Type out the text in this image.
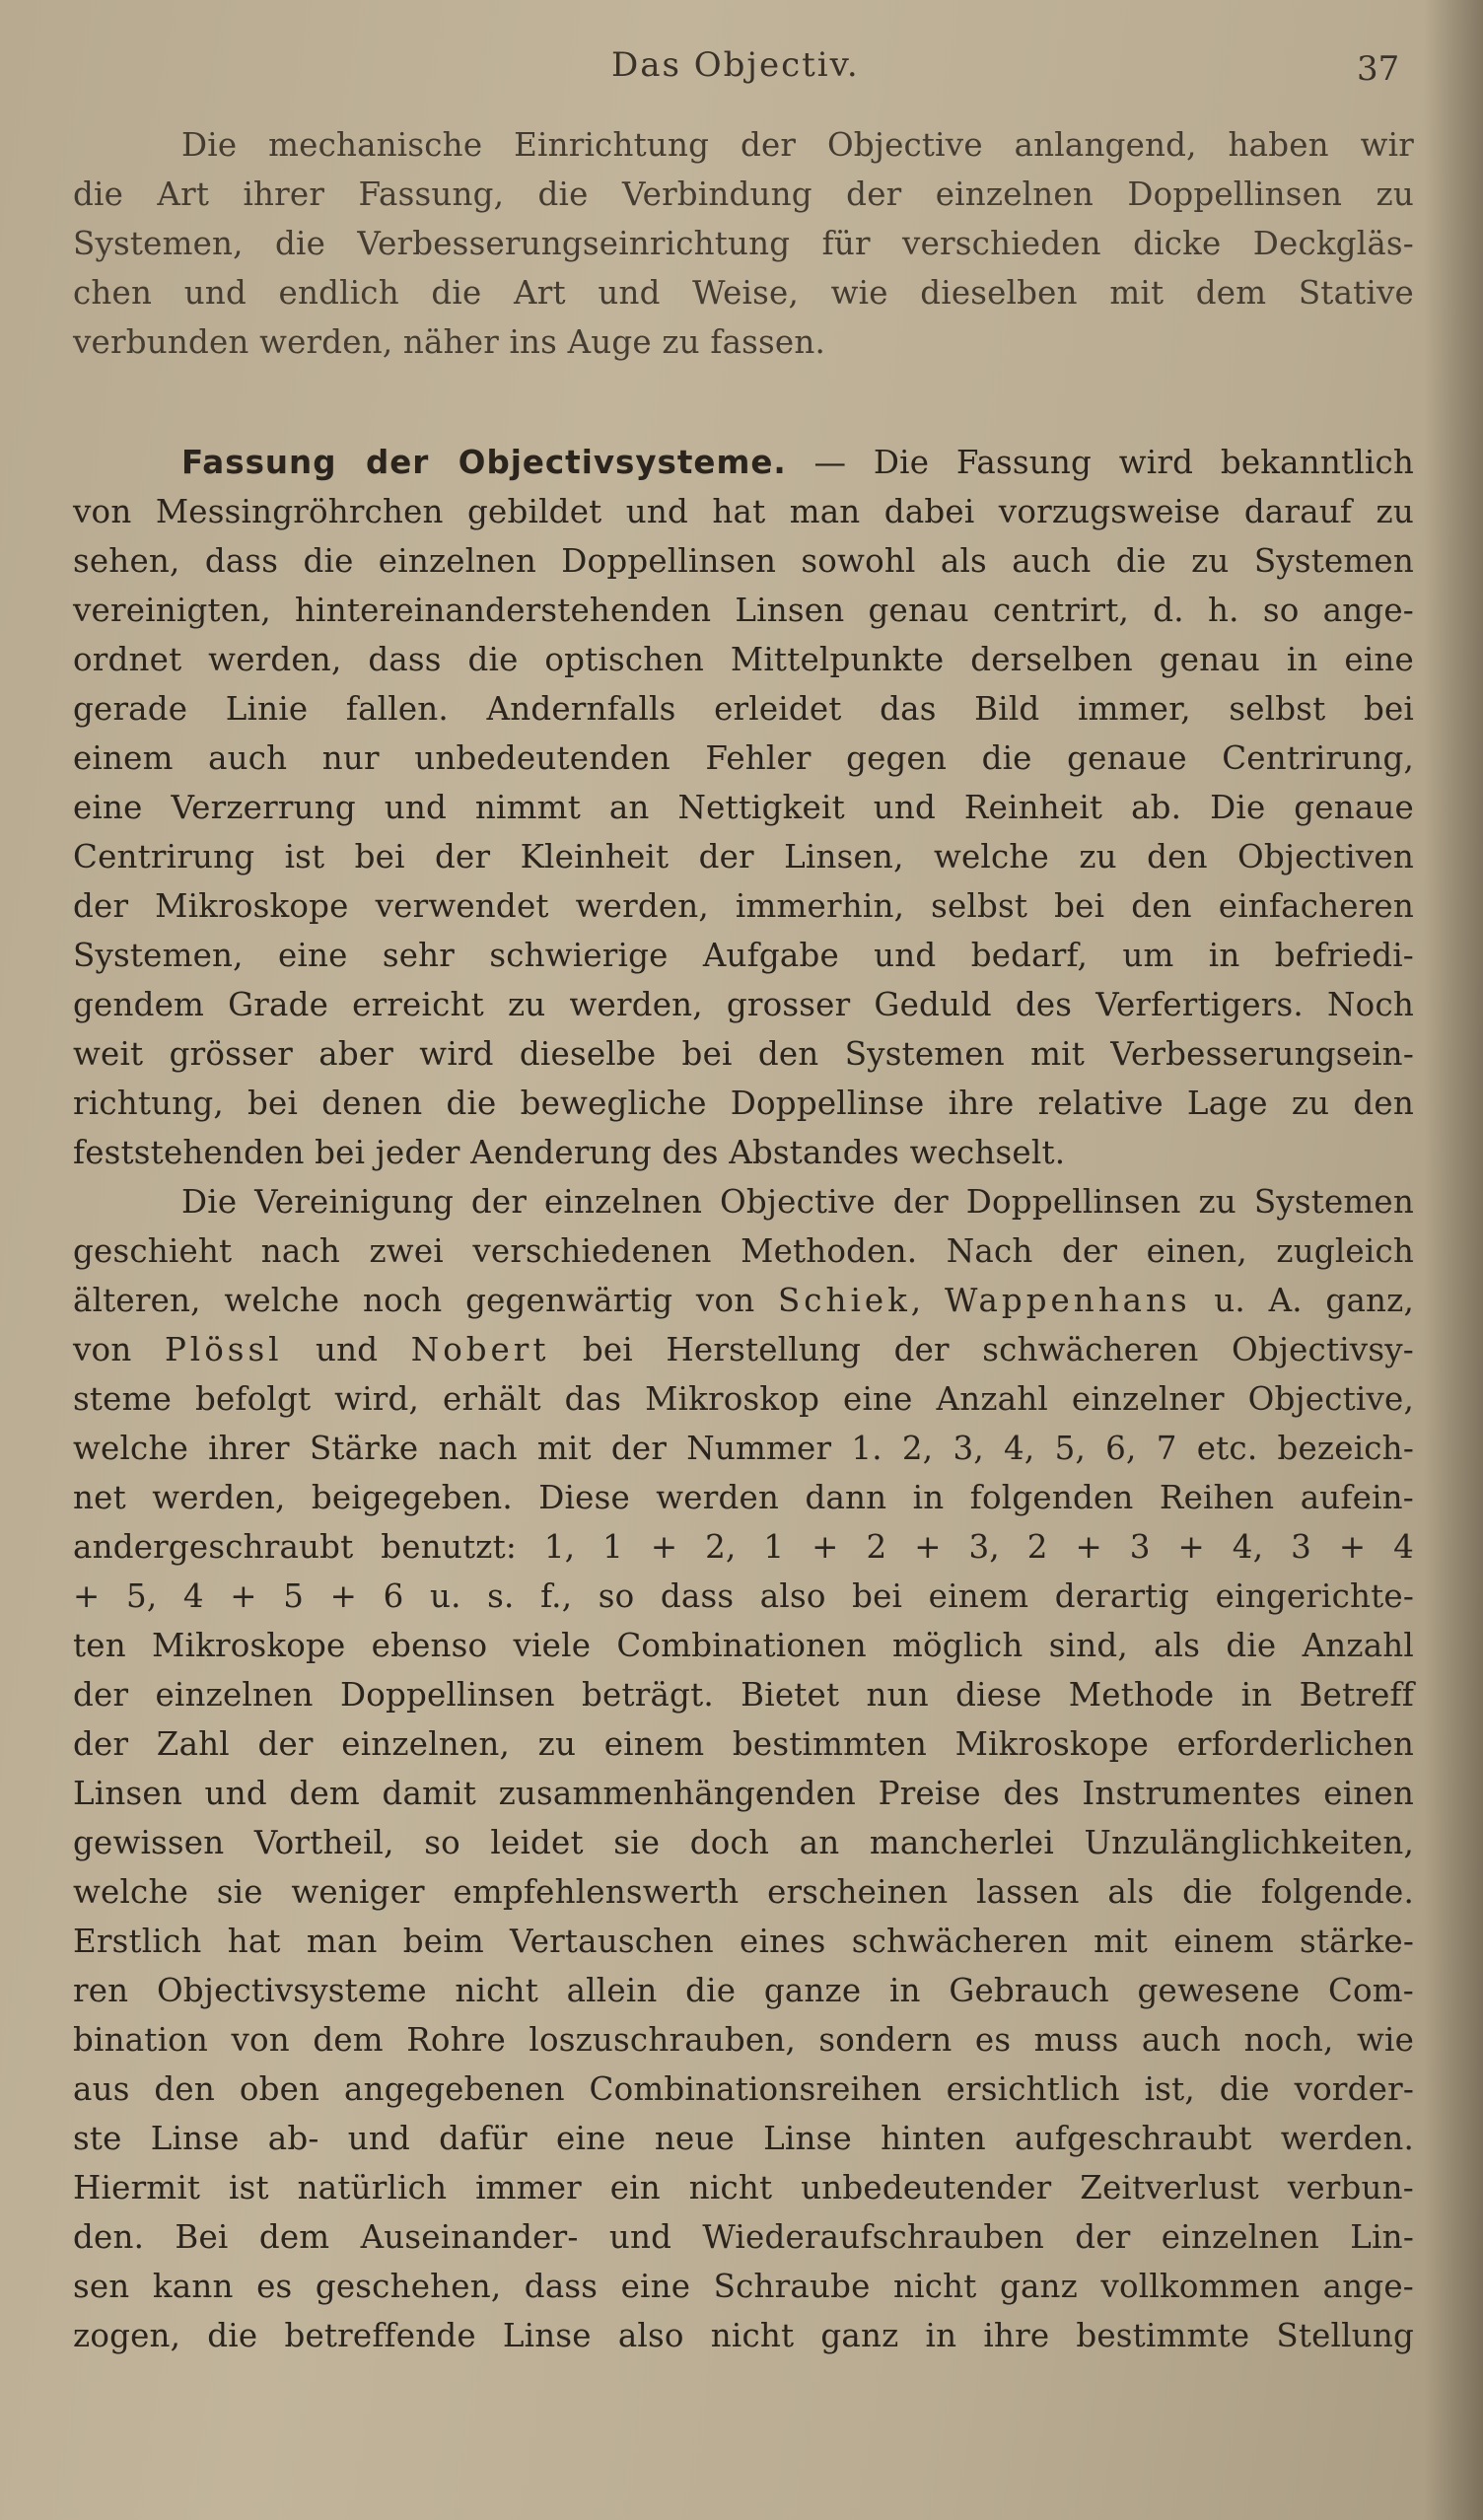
Das Objectiv.	37
Die mechanische Einrichtung der Objective anlangend, haben wir
die Art ihrer Fassung, die Verbindung der einzelnen Doppellinsen zu
Systemen, die Verbesserungseinrichtung für verschieden dicke Deckgläs-
chen und endlich die Art und Weise, wie dieselben mit dem Stative
verbunden werden, näher ins Auge zu fassen.
Fassung der Objectivsysteme. — Die Fassung wird bekanntlich
von Messingröhrchen gebildet und hat man dabei vorzugsweise darauf zu
sehen, dass die einzelnen Doppellinsen sowohl als auch die zu Systemen
vereinigten, hintereinanderstehenden Linsen genau centrirt, d. h. so ange-
ordnet werden, dass die optischen Mittelpunkte derselben genau in eine
gerade Linie fallen. Andernfalls erleidet das Bild immer, selbst bei
einem auch nur unbedeutenden Fehler gegen die genaue Centrirung,
eine Verzerrung und nimmt an Nettigkeit und Reinheit ab. Die genaue
Centrirung ist bei der Kleinheit der Linsen, welche zu den Objectiven
der Mikroskope verwendet werden, immerhin, selbst bei den einfacheren
Systemen, eine sehr schwierige Aufgabe und bedarf, um in befriedi-
gendem Grade erreicht zu werden, grosser Geduld des Verfertigers. Noch
weit grösser aber wird dieselbe bei den Systemen mit Verbesserungsein-
richtung, bei denen die bewegliche Doppellinse ihre relative Lage zu den
feststehenden bei jeder Aenderung des Abstandes wechselt.
Die Vereinigung der einzelnen Objective der Doppellinsen zu Systemen
geschieht nach zwei verschiedenen Methoden. Nach der einen, zugleich
älteren, welche noch gegenwärtig von Schiek, Wappenhans u. A. ganz,
von Plössl und Nobert bei Herstellung der schwächeren Objectivsy-
steme befolgt wird, erhält das Mikroskop eine Anzahl einzelner Objective,
welche ihrer Stärke nach mit der Nummer 1. 2, 3, 4, 5, 6, 7 etc. bezeich-
net werden, beigegeben. Diese werden dann in folgenden Reihen aufein-
andergeschraubt benutzt: 1, 1 + 2, 1 + 2 + 3, 2 + 3 + 4, 3 + 4
+ 5, 4 + 5 + 6 u. s. f., so dass also bei einem derartig eingerichte-
ten Mikroskope ebenso viele Combinationen möglich sind, als die Anzahl
der einzelnen Doppellinsen beträgt. Bietet nun diese Methode in Betreff
der Zahl der einzelnen, zu einem bestimmten Mikroskope erforderlichen
Linsen und dem damit zusammenhängenden Preise des Instrumentes einen
gewissen Vortheil, so leidet sie doch an mancherlei Unzulänglichkeiten,
welche sie weniger empfehlenswerth erscheinen lassen als die folgende.
Erstlich hat man beim Vertauschen eines schwächeren mit einem stärke-
ren Objectivsysteme nicht allein die ganze in Gebrauch gewesene Com-
bination von dem Rohre loszuschrauben, sondern es muss auch noch, wie
aus den oben angegebenen Combinationsreihen ersichtlich ist, die vorder-
ste Linse ab- und dafür eine neue Linse hinten aufgeschraubt werden.
Hiermit ist natürlich immer ein nicht unbedeutender Zeitverlust verbun-
den. Bei dem Auseinander- und Wiederaufschrauben der einzelnen Lin-
sen kann es geschehen, dass eine Schraube nicht ganz vollkommen ange-
zogen, die betreffende Linse also nicht ganz in ihre bestimmte Stellung
